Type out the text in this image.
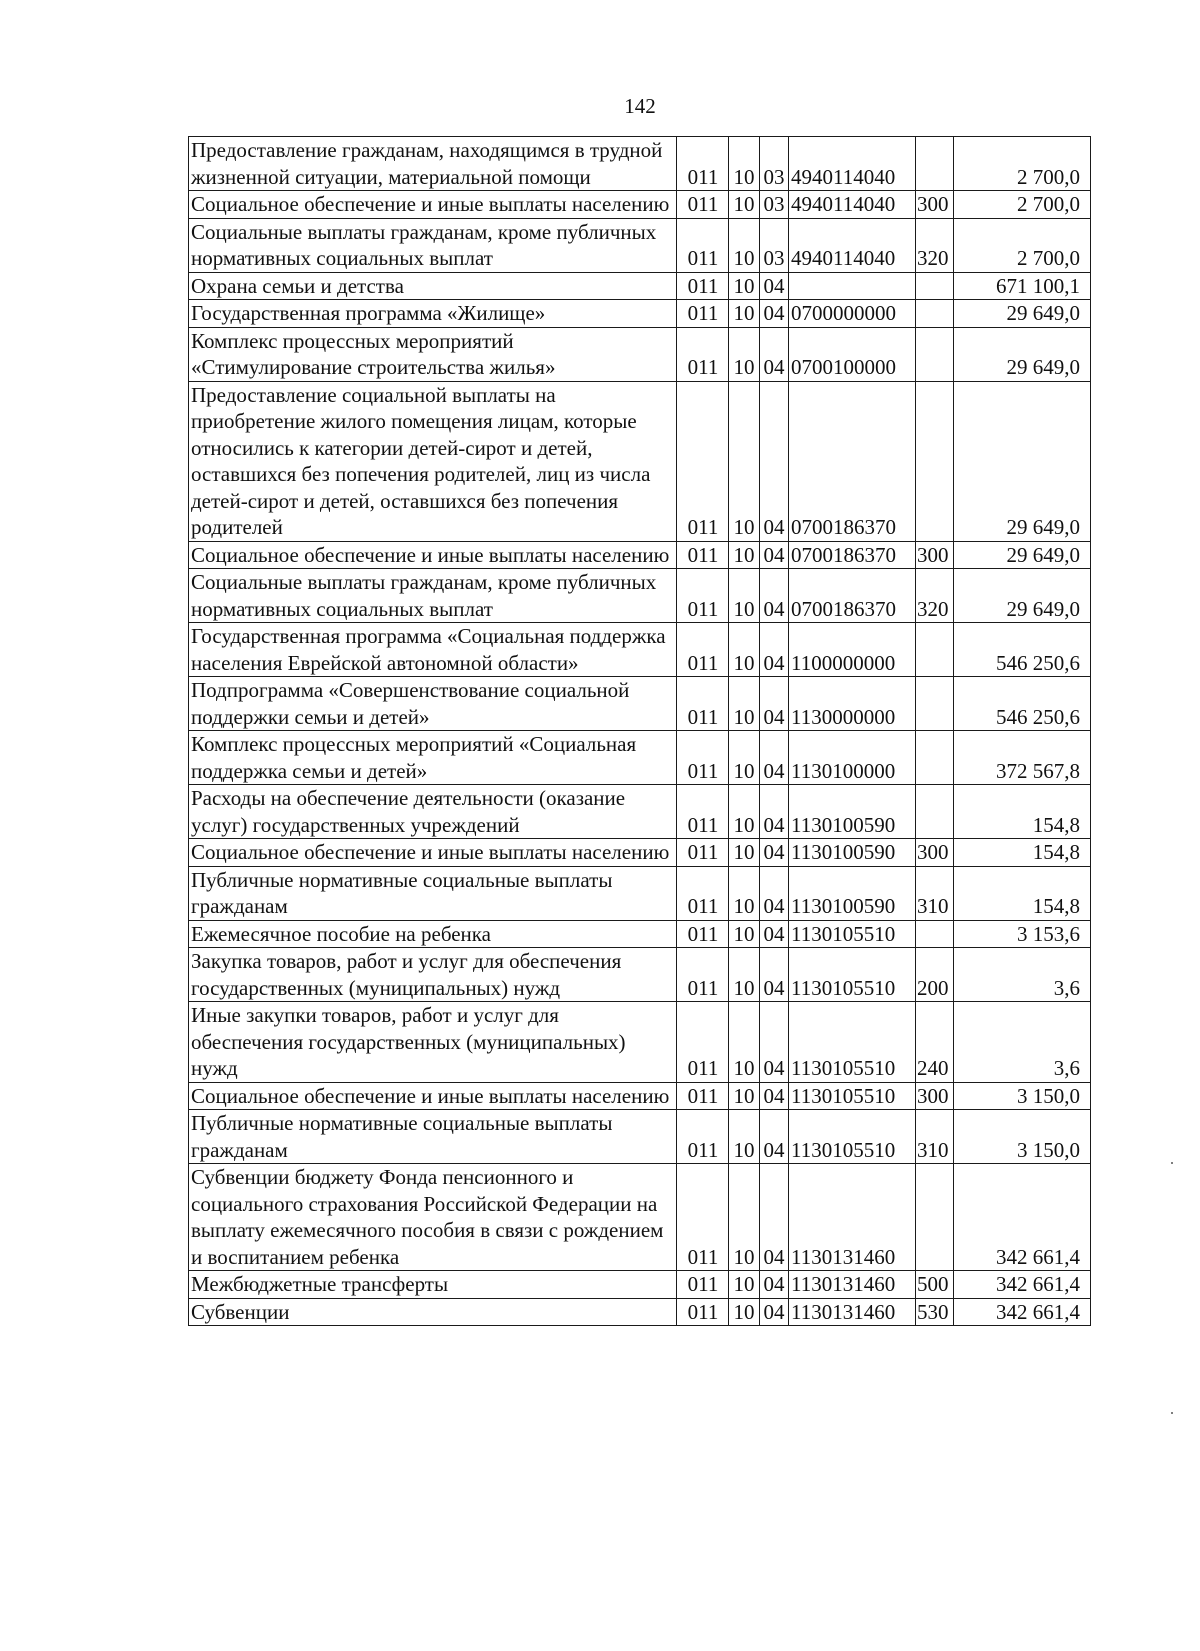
142
Предоставление гражданам, находящимся в трудной жизненной ситуации, материальной помощи	011	10	03	4940114040		2 700,0
Социальное обеспечение и иные выплаты населению	011	10	03	4940114040	300	2 700,0
Социальные выплаты гражданам, кроме публичных нормативных социальных выплат	011	10	03	4940114040	320	2 700,0
Охрана семьи и детства	011	10	04			671 100,1
Государственная программа «Жилище»	011	10	04	0700000000		29 649,0
Комплекс процессных мероприятий «Стимулирование строительства жилья»	011	10	04	0700100000		29 649,0
Предоставление социальной выплаты на приобретение жилого помещения лицам, которые относились к категории детей-сирот и детей, оставшихся без попечения родителей, лиц из числа детей-сирот и детей, оставшихся без попечения родителей	011	10	04	0700186370		29 649,0
Социальное обеспечение и иные выплаты населению	011	10	04	0700186370	300	29 649,0
Социальные выплаты гражданам, кроме публичных нормативных социальных выплат	011	10	04	0700186370	320	29 649,0
Государственная программа «Социальная поддержка населения Еврейской автономной области»	011	10	04	1100000000		546 250,6
Подпрограмма «Совершенствование социальной поддержки семьи и детей»	011	10	04	1130000000		546 250,6
Комплекс процессных мероприятий «Социальная поддержка семьи и детей»	011	10	04	1130100000		372 567,8
Расходы на обеспечение деятельности (оказание услуг) государственных учреждений	011	10	04	1130100590		154,8
Социальное обеспечение и иные выплаты населению	011	10	04	1130100590	300	154,8
Публичные нормативные социальные выплаты гражданам	011	10	04	1130100590	310	154,8
Ежемесячное пособие на ребенка	011	10	04	1130105510		3 153,6
Закупка товаров, работ и услуг для обеспечения государственных (муниципальных) нужд	011	10	04	1130105510	200	3,6
Иные закупки товаров, работ и услуг для обеспечения государственных (муниципальных) нужд	011	10	04	1130105510	240	3,6
Социальное обеспечение и иные выплаты населению	011	10	04	1130105510	300	3 150,0
Публичные нормативные социальные выплаты гражданам	011	10	04	1130105510	310	3 150,0
Субвенции бюджету Фонда пенсионного и социального страхования Российской Федерации на выплату ежемесячного пособия в связи с рождением и воспитанием ребенка	011	10	04	1130131460		342 661,4
Межбюджетные трансферты	011	10	04	1130131460	500	342 661,4
Субвенции	011	10	04	1130131460	530	342 661,4
